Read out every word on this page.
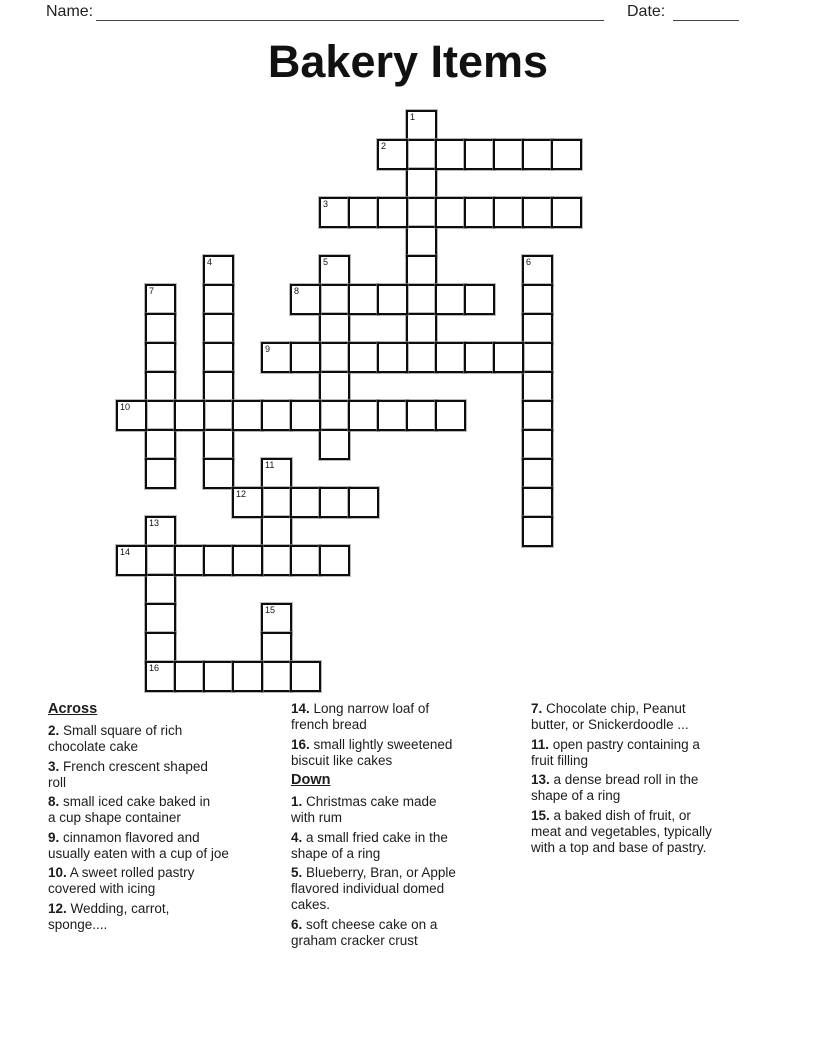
Name:	Date:
Bakery Items
1
2
3
4	5	6
7	8
9
10
11
12
13
16
14
15
Across
2. Small square of rich
chocolate cake
3. French crescent shaped
roll
8. small iced cake baked in
a cup shape container
9. cinnamon flavored and
usually eaten with a cup of joe
10. A sweet rolled pastry
covered with icing
12. Wedding, carrot,
sponge....
14. Long narrow loaf of
french bread
16. small lightly sweetened
biscuit like cakes
Down
1. Christmas cake made
with rum
4. a small fried cake in the
shape of a ring
5. Blueberry, Bran, or Apple
flavored individual domed
cakes.
6. soft cheese cake on a
graham cracker crust
7. Chocolate chip, Peanut
butter, or Snickerdoodle ...
11. open pastry containing a
fruit filling
13. a dense bread roll in the
shape of a ring
15. a baked dish of fruit, or
meat and vegetables, typically
with a top and base of pastry.
